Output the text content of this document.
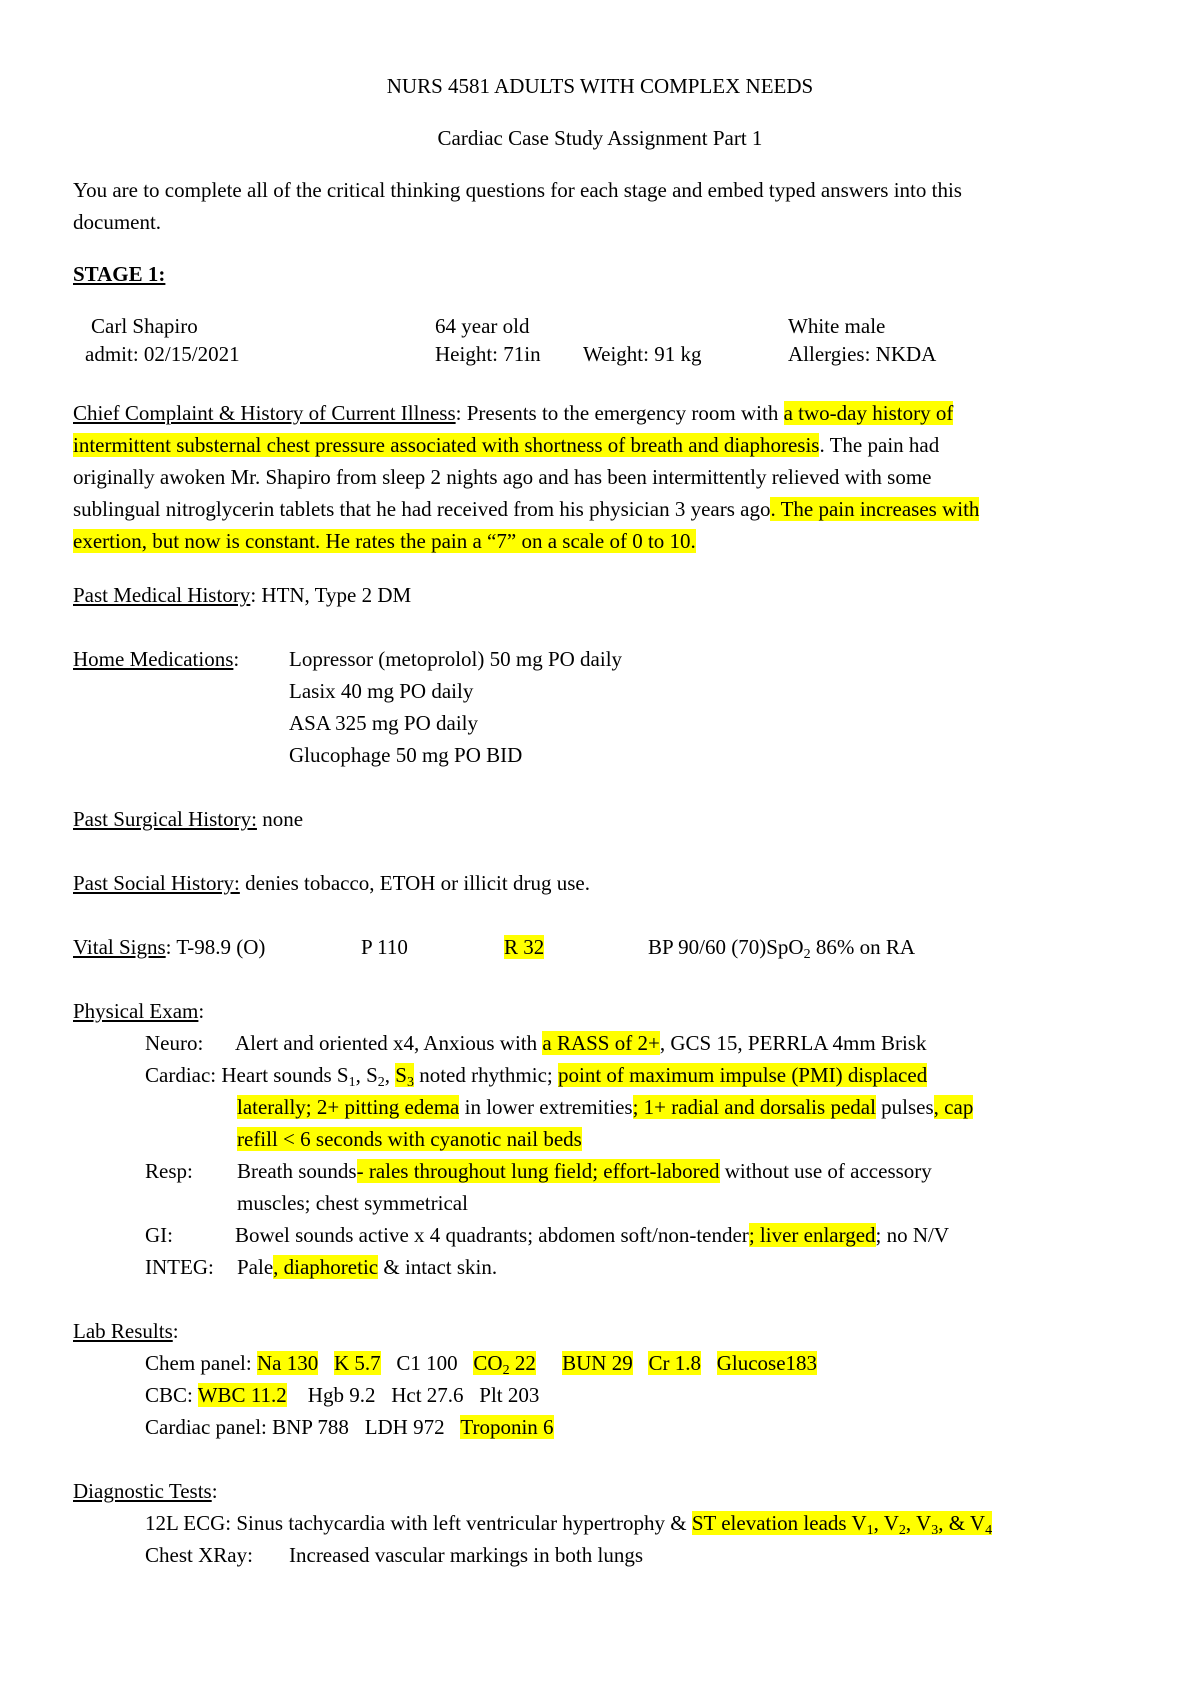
NURS 4581 ADULTS WITH COMPLEX NEEDS
Cardiac Case Study Assignment Part 1
You are to complete all of the critical thinking questions for each stage and embed typed answers into this
document.
STAGE 1:
Carl Shapiro	64 year old	White male
admit: 02/15/2021	Height: 71in Weight: 91 kg	Allergies: NKDA
Chief Complaint & History of Current Illness: Presents to the emergency room with a two-day history of
intermittent substernal chest pressure associated with shortness of breath and diaphoresis. The pain had
originally awoken Mr. Shapiro from sleep 2 nights ago and has been intermittently relieved with some
sublingual nitroglycerin tablets that he had received from his physician 3 years ago. The pain increases with
exertion, but now is constant. He rates the pain a “7” on a scale of 0 to 10.
Past Medical History: HTN, Type 2 DM
Home Medications: Lopressor (metoprolol) 50 mg PO daily
Lasix 40 mg PO daily
ASA 325 mg PO daily
Glucophage 50 mg PO BID
Past Surgical History: none
Past Social History: denies tobacco, ETOH or illicit drug use.
Vital Signs: T-98.9 (O)	P 110	R 32	BP 90/60 (70)SpO$_2$ 86% on RA
Physical Exam:
Neuro: Alert and oriented x4, Anxious with a RASS of 2+, GCS 15, PERRLA 4mm Brisk
Cardiac: Heart sounds $S_1$, $S_2$, $S_3$ noted rhythmic; point of maximum impulse (PMI) displaced
laterally; 2+ pitting edema in lower extremities; 1+ radial and dorsalis pedal pulses, cap
refill < 6 seconds with cyanotic nail beds
Resp: Breath sounds- rales throughout lung field; effort-labored without use of accessory
muscles; chest symmetrical
GI:	Bowel sounds active x 4 quadrants; abdomen soft/non-tender; liver enlarged; no N/V
INTEG: Pale, diaphoretic & intact skin.
Lab Results:
Chem panel: Na 130 K 5.7 C1 100 $CO_2$ 22 BUN 29 Cr 1.8 Glucose183
CBC: WBC 11.2 Hgb 9.2 Hct 27.6 Plt 203
Cardiac panel: BNP 788 LDH 972 Troponin 6
Diagnostic Tests:
12L ECG: Sinus tachycardia with left ventricular hypertrophy & ST elevation leads $V_1$, $V_2$, $V_3$, & $V_4$
Chest XRay: Increased vascular markings in both lungs
